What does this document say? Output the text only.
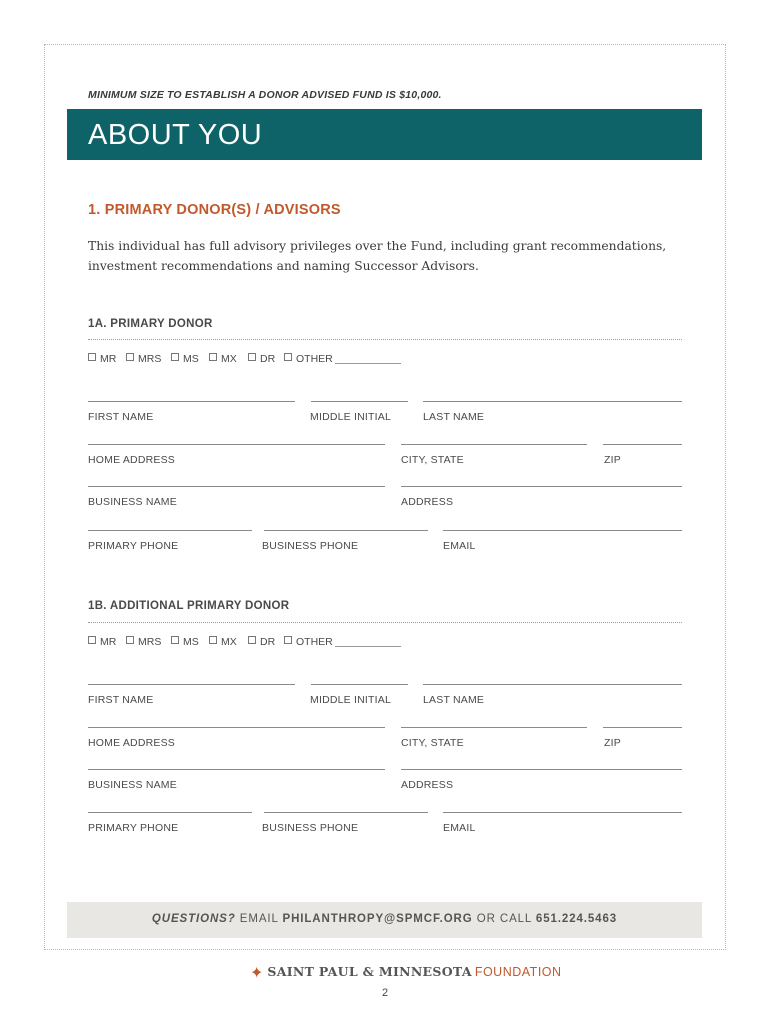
MINIMUM SIZE TO ESTABLISH A DONOR ADVISED FUND IS $10,000.
ABOUT YOU
1. PRIMARY DONOR(S) / ADVISORS
This individual has full advisory privileges over the Fund, including grant recommendations, investment recommendations and naming Successor Advisors.
1A. PRIMARY DONOR
MR	MRS	MS	MX	DR	OTHER
FIRST NAME	MIDDLE INITIAL	LAST NAME
HOME ADDRESS	CITY, STATE	ZIP
BUSINESS NAME	ADDRESS
PRIMARY PHONE	BUSINESS PHONE	EMAIL
1B. ADDITIONAL PRIMARY DONOR
MR	MRS	MS	MX	DR	OTHER
FIRST NAME	MIDDLE INITIAL	LAST NAME
HOME ADDRESS	CITY, STATE	ZIP
BUSINESS NAME	ADDRESS
PRIMARY PHONE	BUSINESS PHONE	EMAIL
QUESTIONS? EMAIL PHILANTHROPY@SPMCF.ORG OR CALL 651.224.5463
✦ SAINT PAUL & MINNESOTA FOUNDATION
2
